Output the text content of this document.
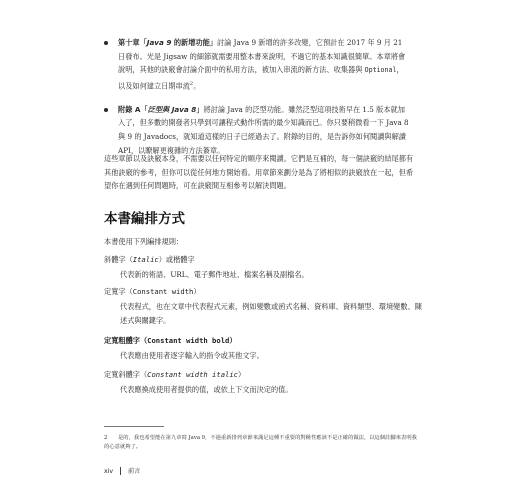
第十章「Java 9 的新增功能」討論 Java 9 新增的許多改變，它預計在 2017 年 9 月 21 日發布。光是 Jigsaw 的細節就需要用整本書來說明，不過它的基本知識很簡單。本章將會說明，其他的訣竅會討論介面中的私用方法，被加入串流的新方法、收集器與 Optional，以及如何建立日期串流$^2$。
附錄 A「泛型與 Java 8」將討論 Java 的泛型功能。雖然泛型這項技術早在 1.5 版本就加入了，但多數的開發者只學到可讓程式動作所需的最少知識而已。你只要稍微看一下 Java 8 與 9 的 Javadocs，就知道這樣的日子已經過去了。附錄的目的，是告訴你如何閱讀與解讀 API，以瞭解更複雜的方法簽章。
這些章節以及訣竅本身，不需要以任何特定的順序來閱讀。它們是互補的，每一個訣竅的結尾都有其他訣竅的參考，但你可以從任何地方開始看。用章節來劃分是為了將相似的訣竅放在一起，但希望你在遇到任何問題時，可在訣竅間互相參考以解決問題。
本書編排方式
本書使用下列編排規則：
斜體字（Italic）或楷體字
代表新的術語、URL、電子郵件地址、檔案名稱及副檔名。
定寬字（Constant width）
代表程式，也在文章中代表程式元素，例如變數或函式名稱、資料庫、資料類型、環境變數、陳述式與關鍵字。
定寬粗體字（Constant width bold）
代表應由使用者逐字輸入的指令或其他文字。
定寬斜體字（Constant width italic）
代表應換成使用者提供的值，或依上下文而決定的值。
2 是的，我也希望能在第九章寫 Java 9，不過重新排列章節來滿足這種不重要的對稱性應該不是正確的做法，以這個註腳來表明我的心意就夠了。
xiv 前言
